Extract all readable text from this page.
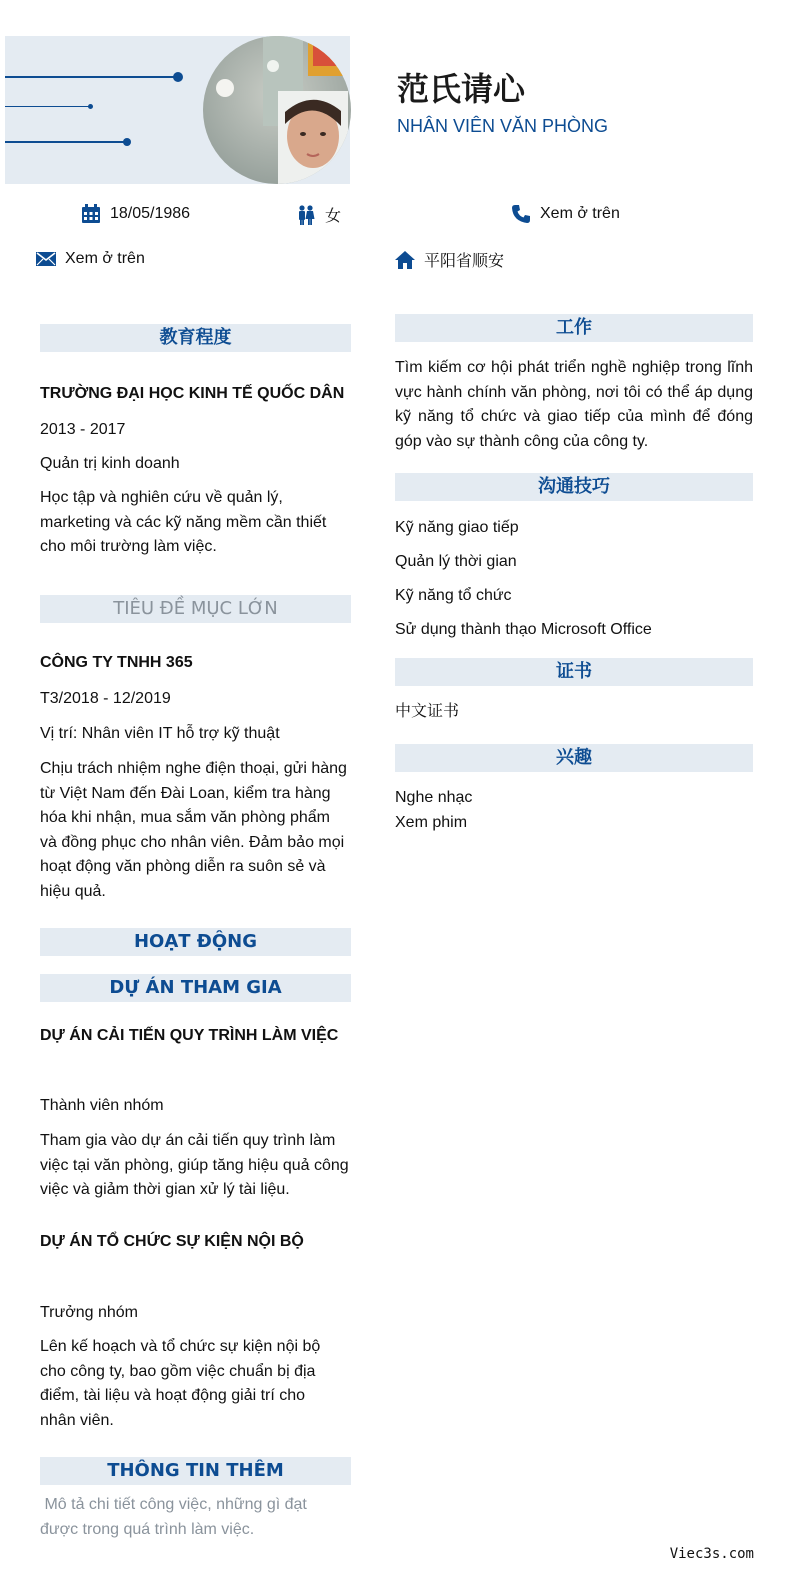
范氏请心
NHÂN VIÊN VĂN PHÒNG
18/05/1986	女	Xem ở trên
Xem ở trên	平阳省顺安
教育程度
TRƯỜNG ĐẠI HỌC KINH TẾ QUỐC DÂN
2013 - 2017
Quản trị kinh doanh
Học tập và nghiên cứu về quản lý, marketing và các kỹ năng mềm cần thiết cho môi trường làm việc.
TIÊU ĐỀ MỤC LỚN
CÔNG TY TNHH 365
T3/2018 - 12/2019
Vị trí: Nhân viên IT hỗ trợ kỹ thuật
Chịu trách nhiệm nghe điện thoại, gửi hàng từ Việt Nam đến Đài Loan, kiểm tra hàng hóa khi nhận, mua sắm văn phòng phẩm và đồng phục cho nhân viên. Đảm bảo mọi hoạt động văn phòng diễn ra suôn sẻ và hiệu quả.
HOẠT ĐỘNG
DỰ ÁN THAM GIA
DỰ ÁN CẢI TIẾN QUY TRÌNH LÀM VIỆC
Thành viên nhóm
Tham gia vào dự án cải tiến quy trình làm việc tại văn phòng, giúp tăng hiệu quả công việc và giảm thời gian xử lý tài liệu.
DỰ ÁN TỔ CHỨC SỰ KIỆN NỘI BỘ
Trưởng nhóm
Lên kế hoạch và tổ chức sự kiện nội bộ cho công ty, bao gồm việc chuẩn bị địa điểm, tài liệu và hoạt động giải trí cho nhân viên.
THÔNG TIN THÊM
Mô tả chi tiết công việc, những gì đạt được trong quá trình làm việc.
工作
Tìm kiếm cơ hội phát triển nghề nghiệp trong lĩnh vực hành chính văn phòng, nơi tôi có thể áp dụng kỹ năng tổ chức và giao tiếp của mình để đóng góp vào sự thành công của công ty.
沟通技巧
Kỹ năng giao tiếp
Quản lý thời gian
Kỹ năng tổ chức
Sử dụng thành thạo Microsoft Office
证书
中文证书
兴趣
Nghe nhạc
Xem phim
Viec3s.com
